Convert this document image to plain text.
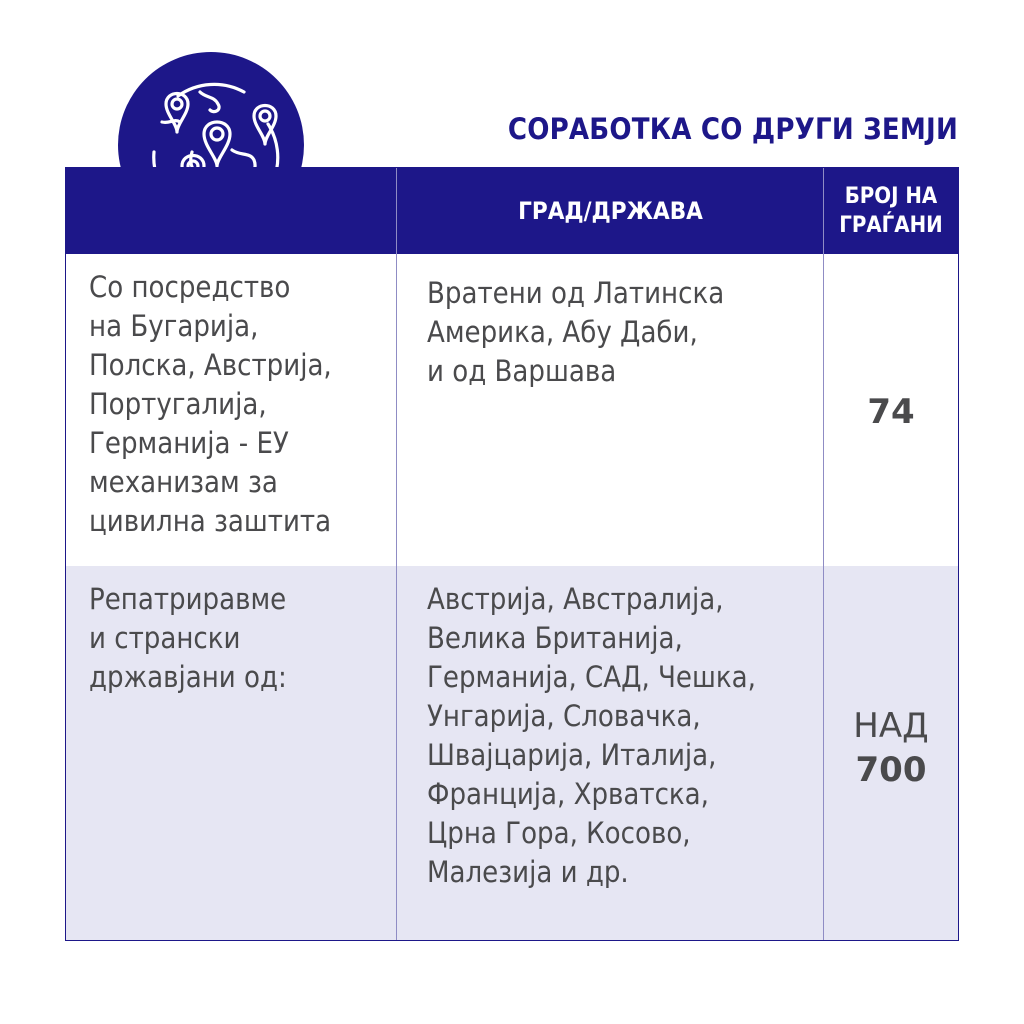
СОРАБОТКА СО ДРУГИ ЗЕМЈИ
ГРАД/ДРЖАВА
БРОЈ НА
ГРАЃАНИ
Со посредство
на Бугарија,
Полска, Австрија,
Португалија,
Германија - ЕУ
механизам за
цивилна заштита
Вратени од Латинска
Америка, Абу Даби,
и од Варшава
74
Репатриравме
и странски
државјани од:
Австрија, Австралија,
Велика Британија,
Германија, САД, Чешка,
Унгарија, Словачка,
Швајцарија, Италија,
Франција, Хрватска,
Црна Гора, Косово,
Малезија и др.
НАД
700
